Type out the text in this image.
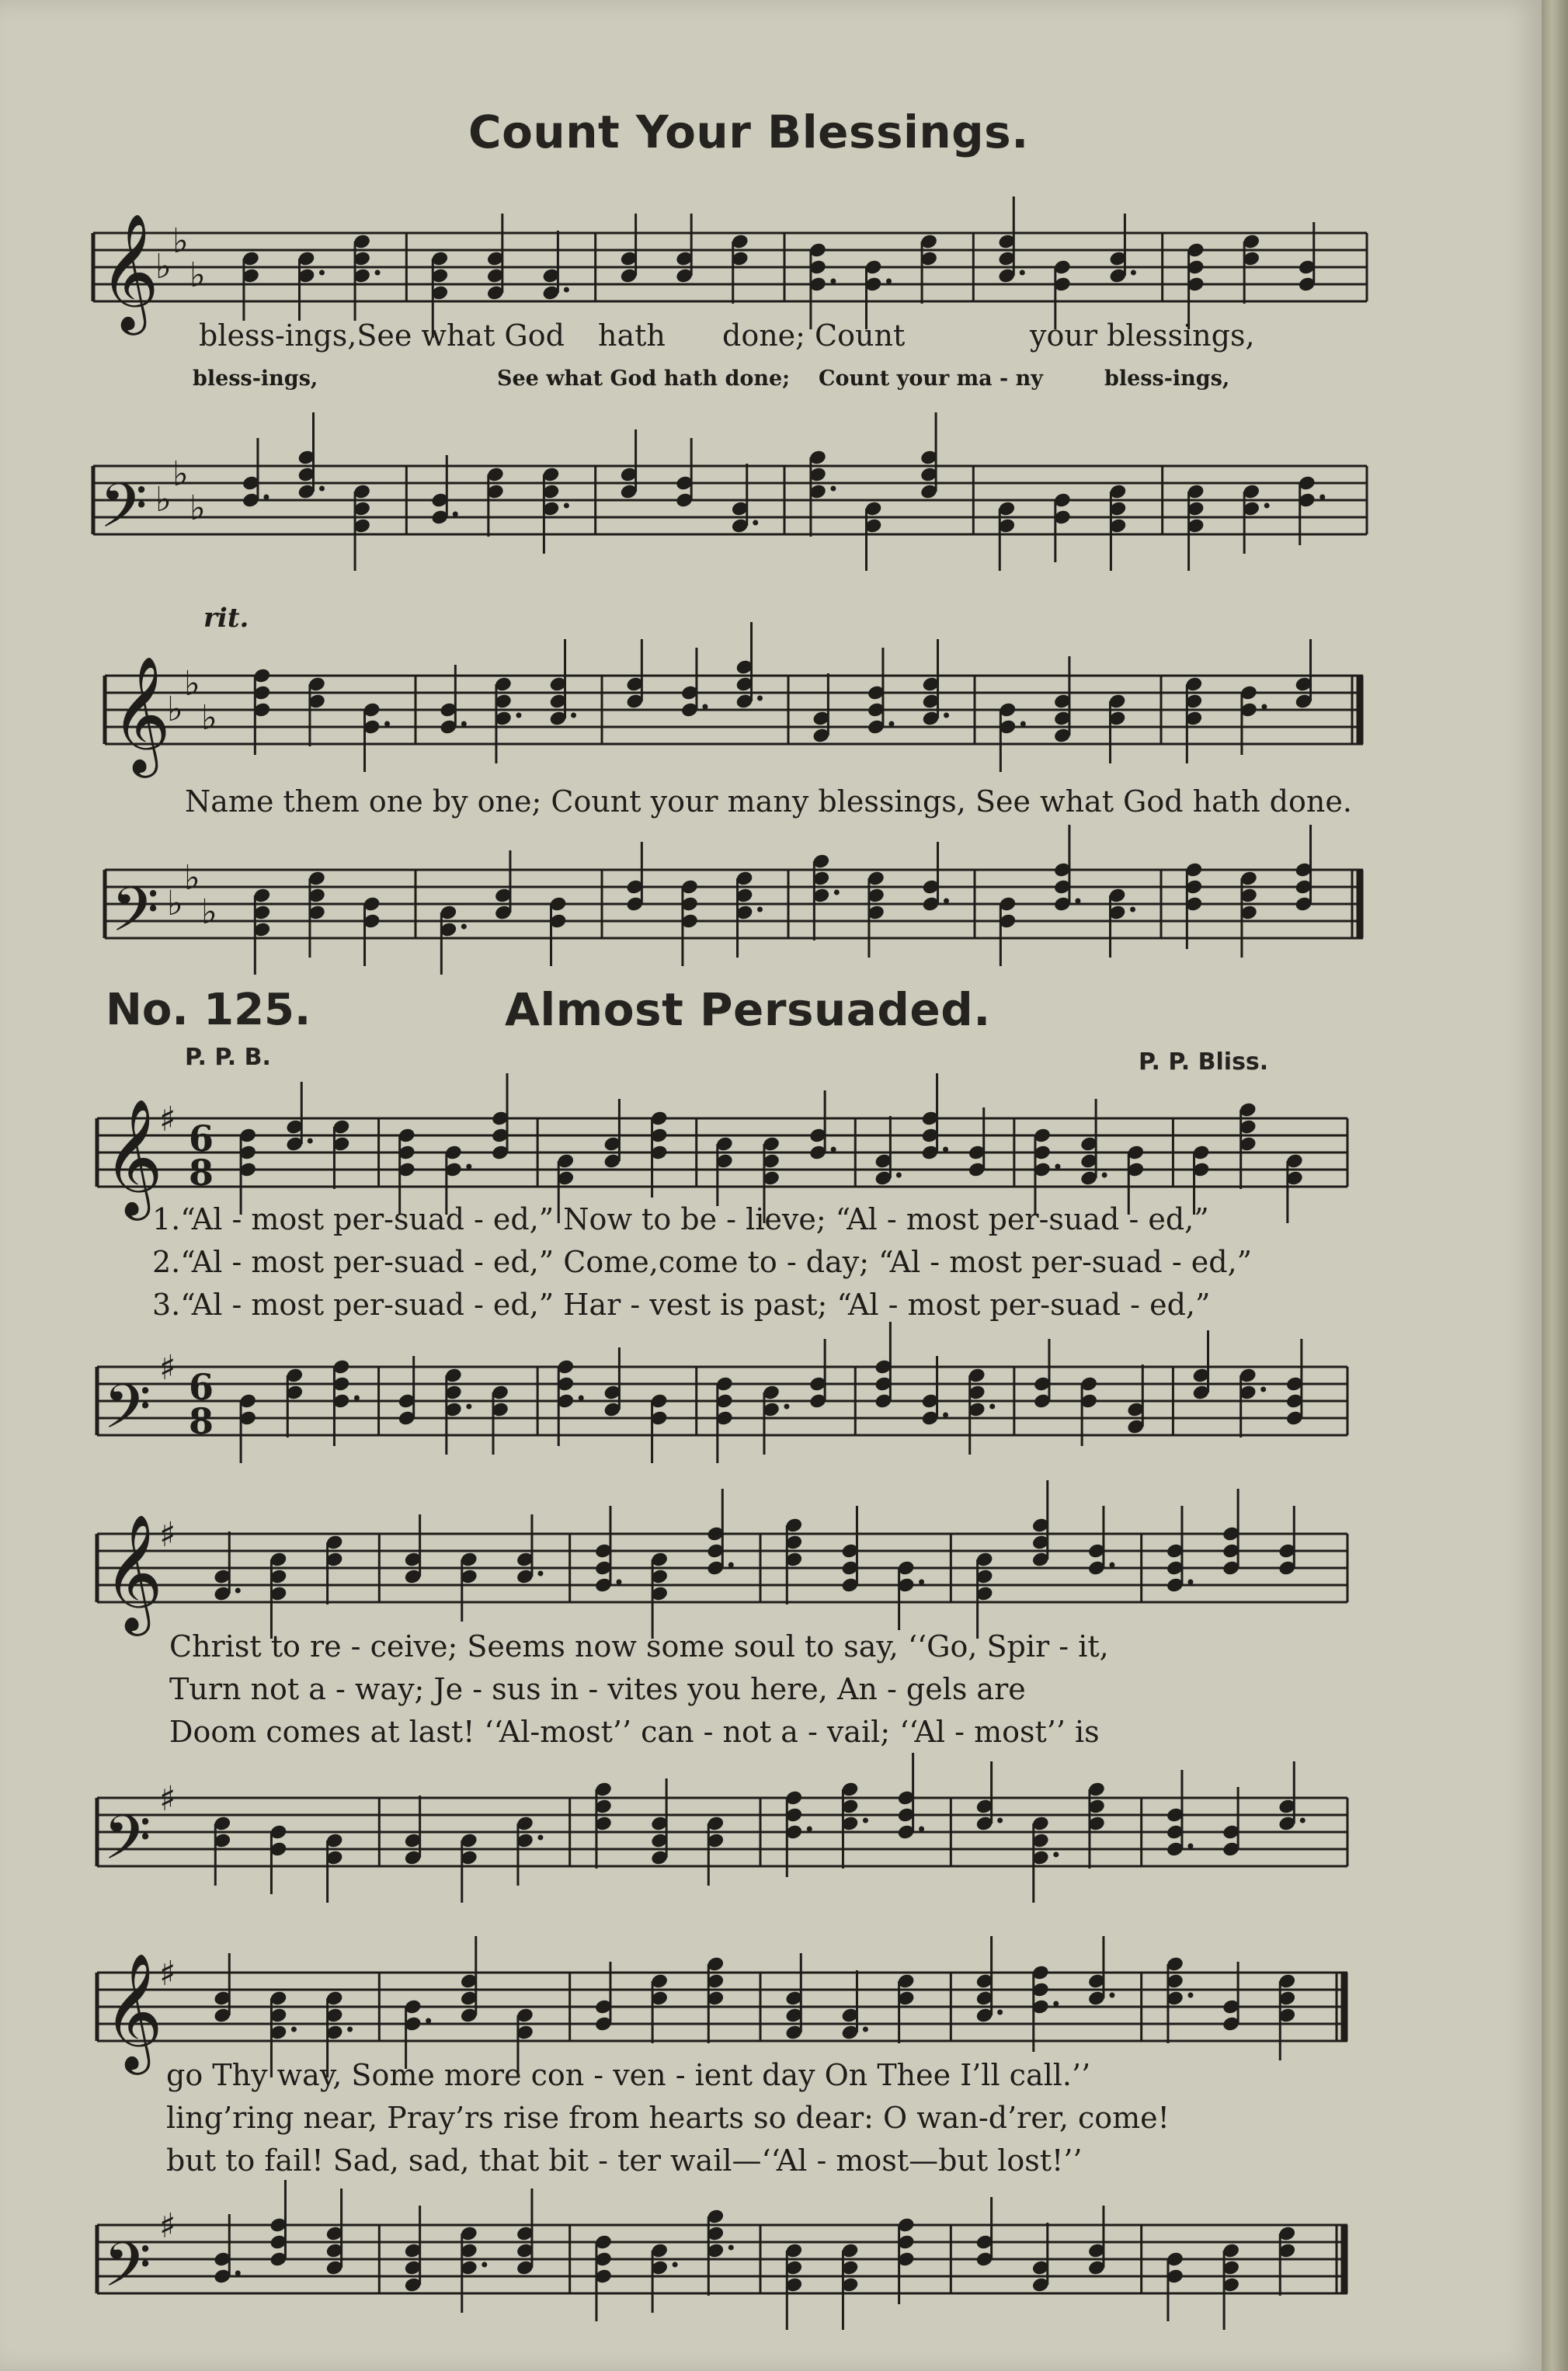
Count Your Blessings.
𝄞
♭
♭
♭
bless-ings,See what God hath done; Count	your blessings,
bless-ings,	See what God hath done; Count your ma - ny	bless-ings,
𝄢 ♭
♭
♭
rit.
𝄞
♭
♭
♭
Name them one by one; Count your many blessings, See what God hath done.
𝄢 ♭
♭
♭
No. 125.	Almost Persuaded.
P. P. B.	P. P. Bliss.
𝄞
♯ 6
8
1.“Al - most per-suad - ed,” Now to be - lieve; “Al - most per-suad - ed,”
2.“Al - most per-suad - ed,” Come,come to - day; “Al - most per-suad - ed,”
3.“Al - most per-suad - ed,” Har - vest is past; “Al - most per-suad - ed,”
𝄢
♯ 6
8
𝄞
♯
Christ to re - ceive; Seems now some soul to say, ‘‘Go, Spir - it,
Turn not a - way; Je - sus in - vites you here, An - gels are
Doom comes at last! ‘‘Al-most’’ can - not a - vail; ‘‘Al - most’’ is
𝄢
♯
𝄞
♯
go Thy way, Some more con - ven - ient day On Thee I’ll call.’’
ling’ring near, Pray’rs rise from hearts so dear: O wan-d’rer, come!
but to fail! Sad, sad, that bit - ter wail—‘‘Al - most—but lost!’’
𝄢
♯
